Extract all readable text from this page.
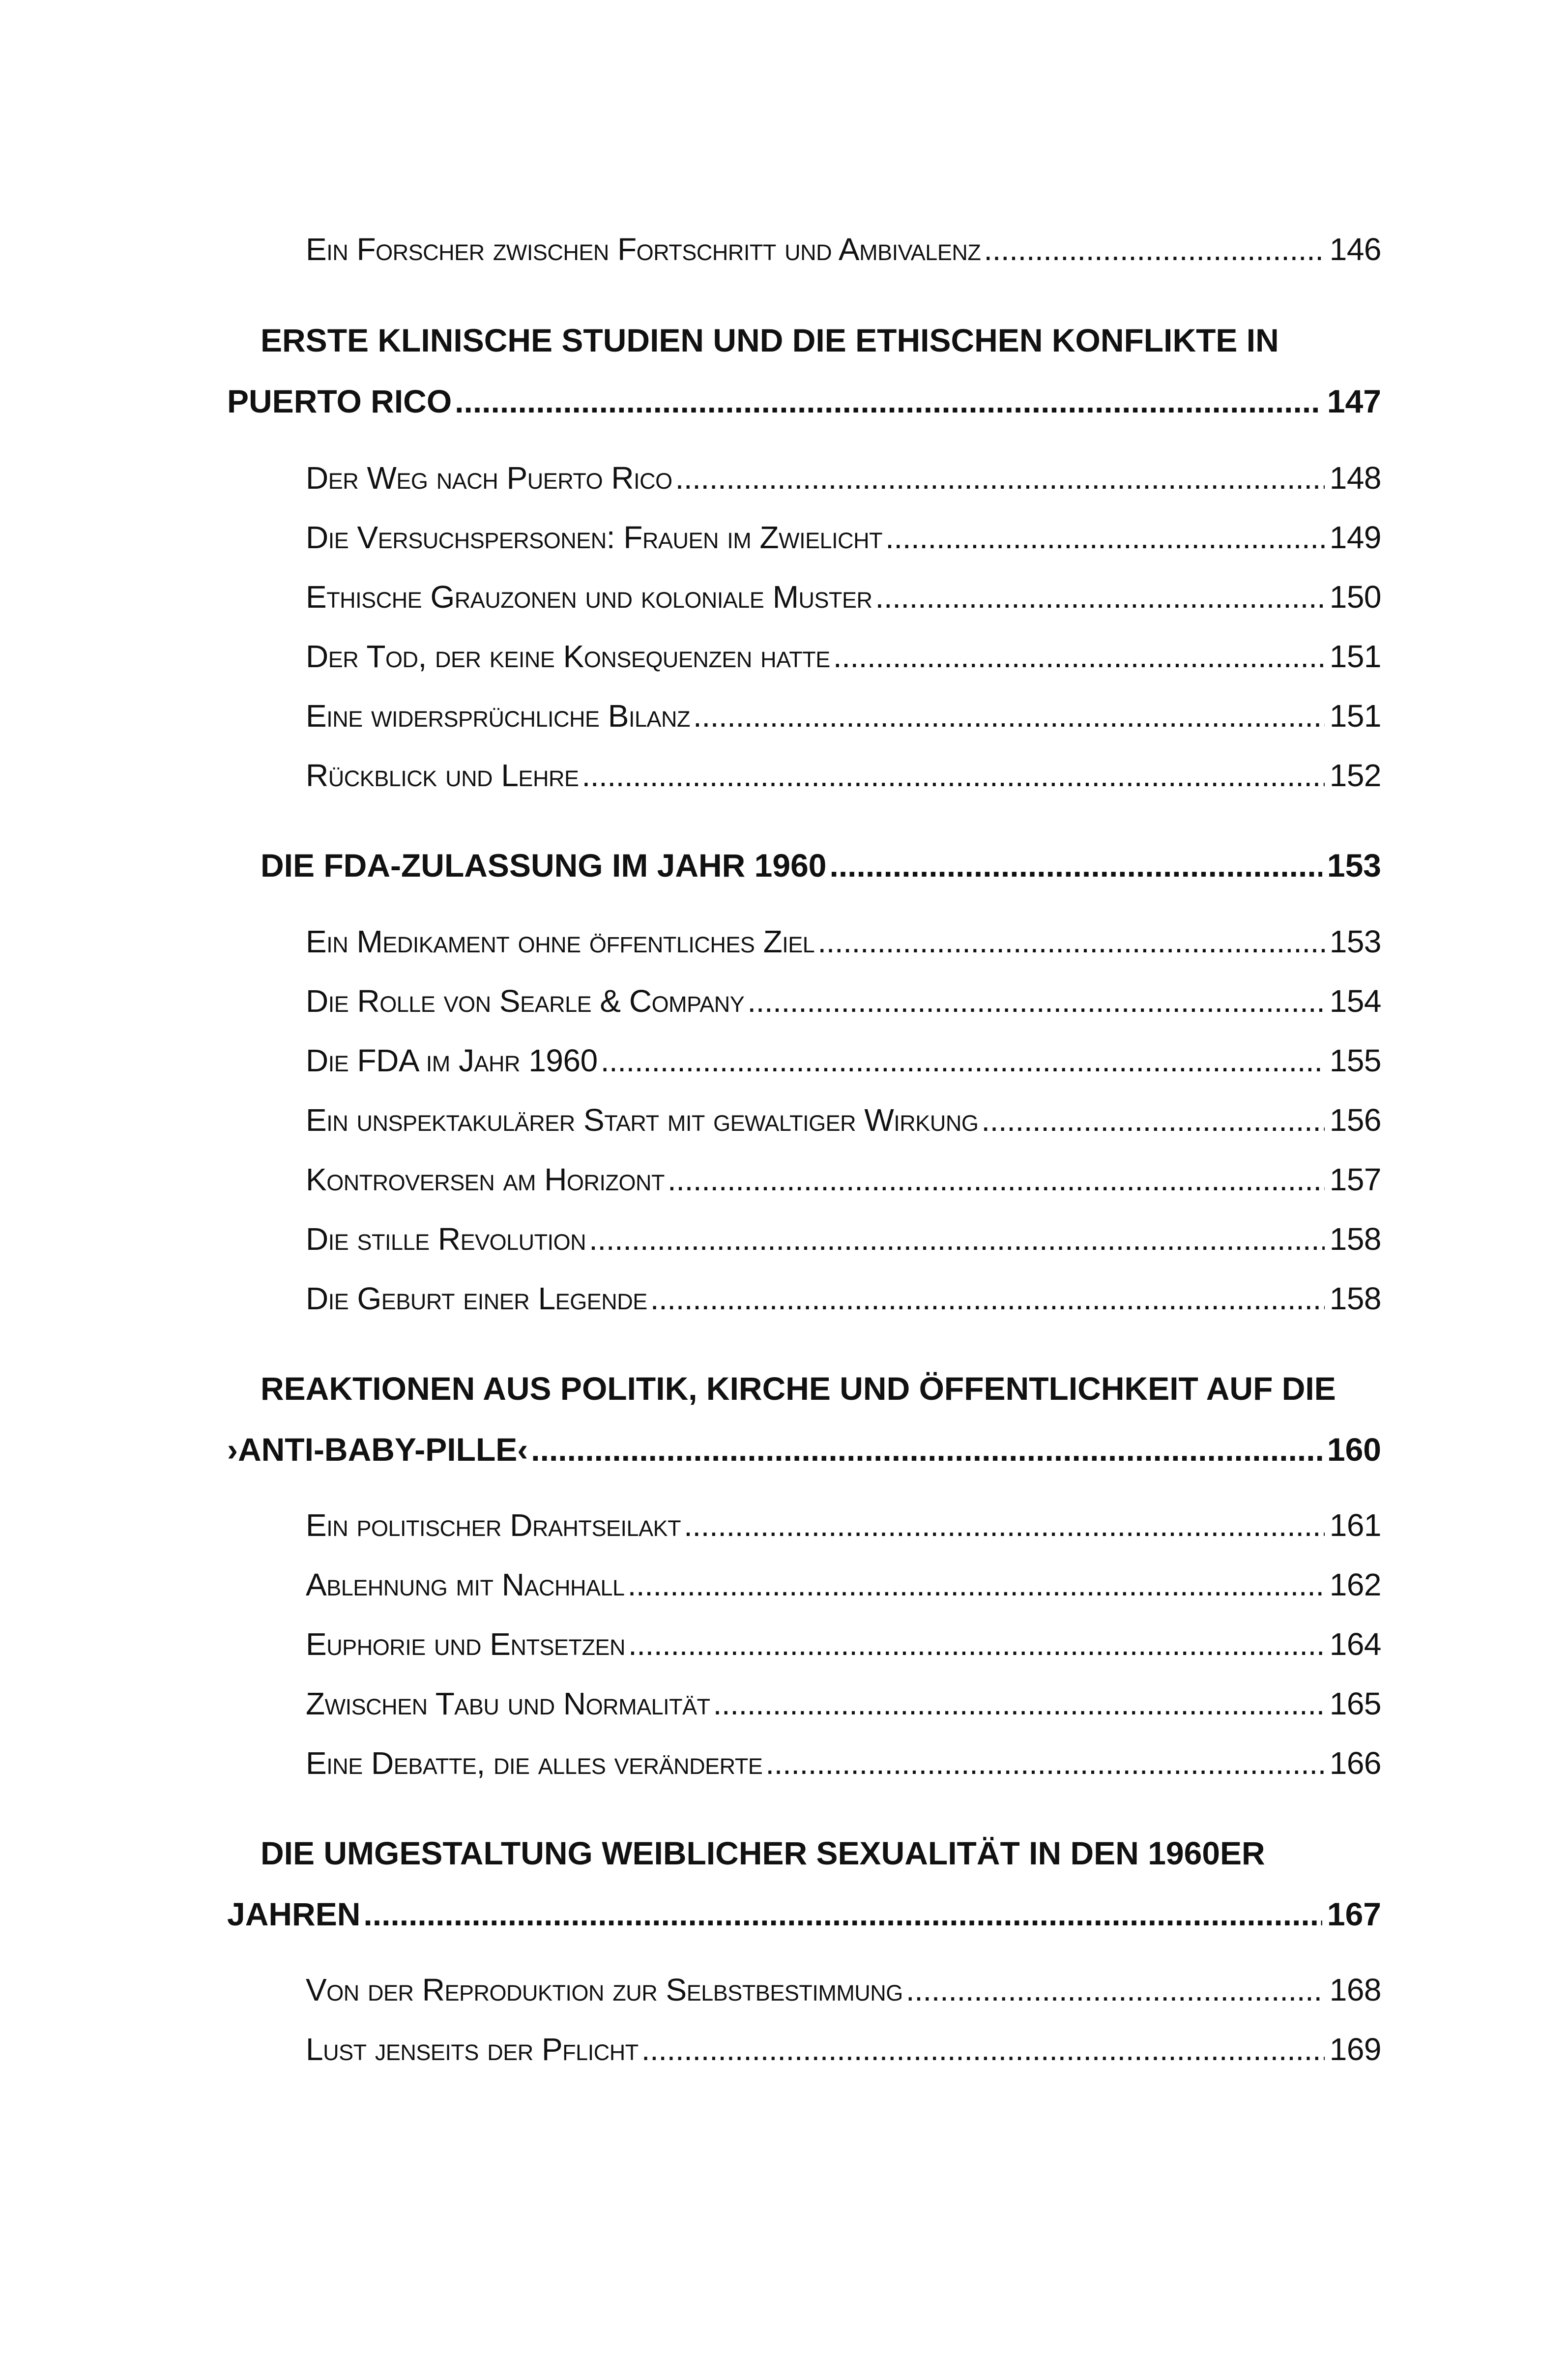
Ein Forscher zwischen Fortschritt und Ambivalenz .....	146
ERSTE KLINISCHE STUDIEN UND DIE ETHISCHEN KONFLIKTE IN
PUERTO RICO .....	147
Der Weg nach Puerto Rico .....	148
Die Versuchspersonen: Frauen im Zwielicht .....	149
Ethische Grauzonen und koloniale Muster .....	150
Der Tod, der keine Konsequenzen hatte .....	151
Eine widersprüchliche Bilanz .....	151
Rückblick und Lehre .....	152
DIE FDA-ZULASSUNG IM JAHR 1960 .....	153
Ein Medikament ohne öffentliches Ziel .....	153
Die Rolle von Searle & Company .....	154
Die FDA im Jahr 1960 .....	155
Ein unspektakulärer Start mit gewaltiger Wirkung .....	156
Kontroversen am Horizont .....	157
Die stille Revolution .....	158
Die Geburt einer Legende .....	158
REAKTIONEN AUS POLITIK, KIRCHE UND ÖFFENTLICHKEIT AUF DIE
›ANTI-BABY-PILLE‹ .....	160
Ein politischer Drahtseilakt .....	161
Ablehnung mit Nachhall .....	162
Euphorie und Entsetzen .....	164
Zwischen Tabu und Normalität .....	165
Eine Debatte, die alles veränderte .....	166
DIE UMGESTALTUNG WEIBLICHER SEXUALITÄT IN DEN 1960ER
JAHREN .....	167
Von der Reproduktion zur Selbstbestimmung .....	168
Lust jenseits der Pflicht .....	169
